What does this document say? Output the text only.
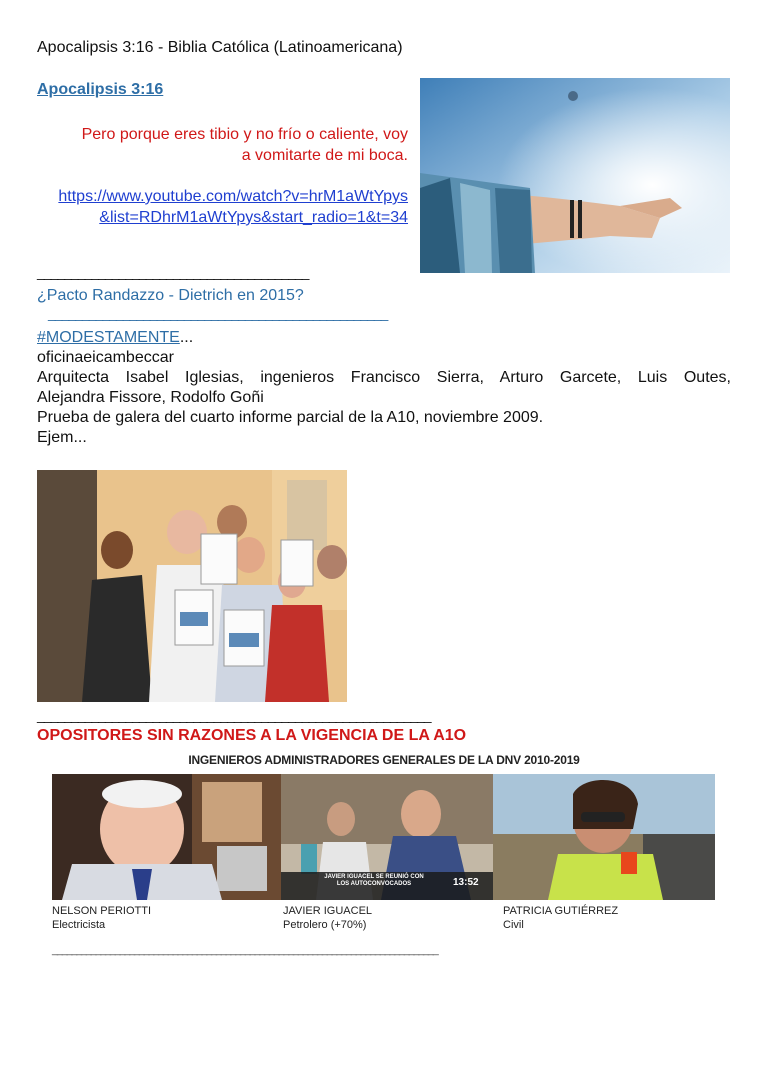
Apocalipsis 3:16 - Biblia Católica (Latinoamericana)
Apocalipsis 3:16
Pero porque eres tibio y no frío o caliente, voy
a vomitarte de mi boca.
https://www.youtube.com/watch?v=hrM1aWtYpys
&list=RDhrM1aWtYpys&start_radio=1&t=34
________________________________________
¿Pacto Randazzo - Dietrich en 2015?
__________________________________________________
#MODESTAMENTE...
oficinaeicambeccar
Arquitecta Isabel Iglesias, ingenieros Francisco Sierra, Arturo Garcete, Luis Outes,
Alejandra Fissore, Rodolfo Goñi
Prueba de galera del cuarto informe parcial de la A10, noviembre 2009.
Ejem...
__________________________________________________________
OPOSITORES SIN RAZONES A LA VIGENCIA DE LA A1O
INGENIEROS ADMINISTRADORES GENERALES DE LA DNV 2010-2019
JAVIER IGUACEL SE REUNIÓ CON
LOS AUTOCONVOCADOS	13:52
NELSON PERIOTTI
Electricista
JAVIER IGUACEL
Petrolero (+70%)
PATRICIA GUTIÉRREZ
Civil
________________________________________________________________________________
